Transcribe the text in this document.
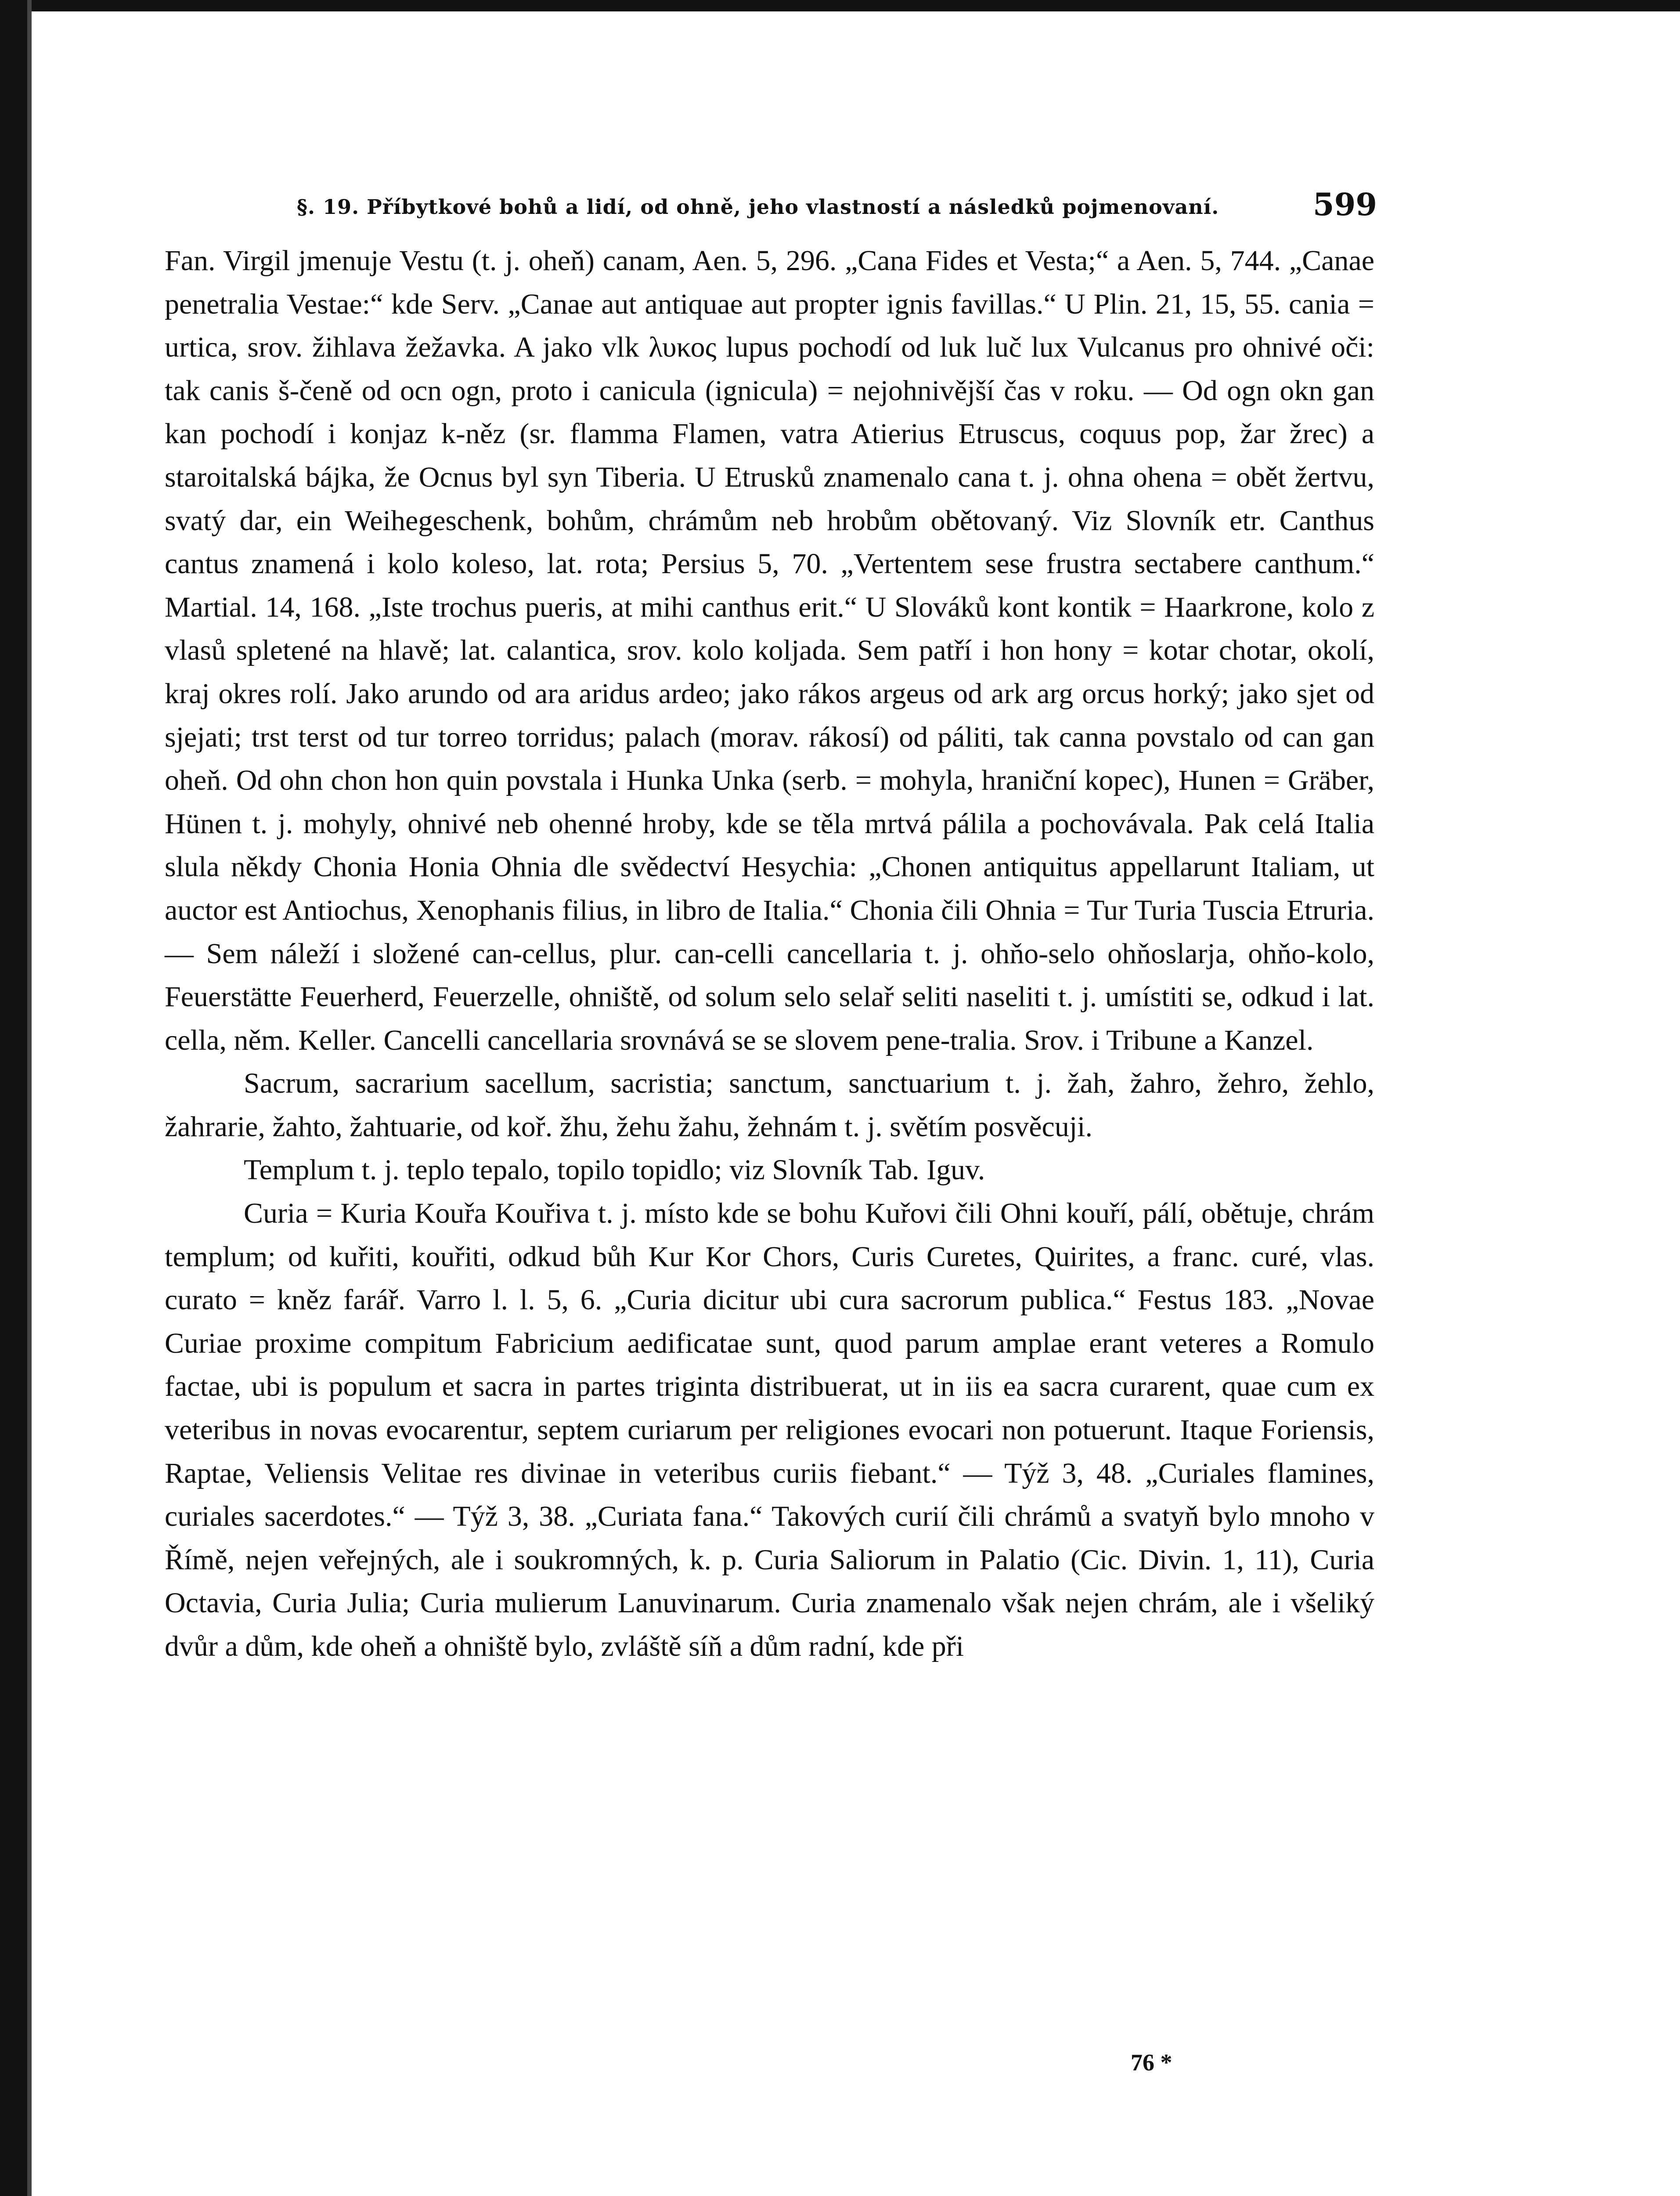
§. 19. Příbytkové bohů a lidí, od ohně, jeho vlastností a následků pojmenovaní.	599

Fan. Virgil jmenuje Vestu (t. j. oheň) canam, Aen. 5, 296. „Cana Fides et Vesta;“ a Aen. 5, 744. „Canae penetralia Vestae:“ kde Serv. „Canae aut antiquae aut propter ignis favillas.“ U Plin. 21, 15, 55. cania = urtica, srov. žihlava žežavka. A jako vlk λυκος lupus pochodí od luk luč lux Vulcanus pro ohnivé oči: tak canis š-čeně od ocn ogn, proto i canicula (ignicula) = nejohnivější čas v roku. — Od ogn okn gan kan pochodí i konjaz k-něz (sr. flamma Flamen, vatra Atierius Etruscus, coquus pop, žar žrec) a staroitalská bájka, že Ocnus byl syn Tiberia. U Etrusků znamenalo cana t. j. ohna ohena = obět žertvu, svatý dar, ein Weihegeschenk, bohům, chrámům neb hrobům obětovaný. Viz Slovník etr. Canthus cantus znamená i kolo koleso, lat. rota; Persius 5, 70. „Vertentem sese frustra sectabere canthum.“ Martial. 14, 168. „Iste trochus pueris, at mihi canthus erit.“ U Slováků kont kontik = Haarkrone, kolo z vlasů spletené na hlavě; lat. calantica, srov. kolo koljada. Sem patří i hon hony = kotar chotar, okolí, kraj okres rolí. Jako arundo od ara aridus ardeo; jako rákos argeus od ark arg orcus horký; jako sjet od sjejati; trst terst od tur torreo torridus; palach (morav. rákosí) od páliti, tak canna povstalo od can gan oheň. Od ohn chon hon quin povstala i Hunka Unka (serb. = mohyla, hraniční kopec), Hunen = Gräber, Hünen t. j. mohyly, ohnivé neb ohenné hroby, kde se těla mrtvá pálila a pochovávala. Pak celá Italia slula někdy Chonia Honia Ohnia dle svědectví Hesychia: „Chonen antiquitus appellarunt Italiam, ut auctor est Antiochus, Xenophanis filius, in libro de Italia.“ Chonia čili Ohnia = Tur Turia Tuscia Etruria. — Sem náleží i složené can-cellus, plur. can-celli cancellaria t. j. ohňo-selo ohňoslarja, ohňo-kolo, Feuerstätte Feuerherd, Feuerzelle, ohniště, od solum selo selař seliti naseliti t. j. umístiti se, odkud i lat. cella, něm. Keller. Cancelli cancellaria srovnává se se slovem pene-tralia. Srov. i Tribune a Kanzel.

Sacrum, sacrarium sacellum, sacristia; sanctum, sanctuarium t. j. žah, žahro, žehro, žehlo, žahrarie, žahto, žahtuarie, od koř. žhu, žehu žahu, žehnám t. j. světím posvěcuji.

Templum t. j. teplo tepalo, topilo topidlo; viz Slovník Tab. Iguv.

Curia = Kuria Kouřa Kouřiva t. j. místo kde se bohu Kuřovi čili Ohni kouří, pálí, obětuje, chrám templum; od kuřiti, kouřiti, odkud bůh Kur Kor Chors, Curis Curetes, Quirites, a franc. curé, vlas. curato = kněz farář. Varro l. l. 5, 6. „Curia dicitur ubi cura sacrorum publica.“ Festus 183. „Novae Curiae proxime compitum Fabricium aedificatae sunt, quod parum amplae erant veteres a Romulo factae, ubi is populum et sacra in partes triginta distribuerat, ut in iis ea sacra curarent, quae cum ex veteribus in novas evocarentur, septem curiarum per religiones evocari non potuerunt. Itaque Foriensis, Raptae, Veliensis Velitae res divinae in veteribus curiis fiebant.“ — Týž 3, 48. „Curiales flamines, curiales sacerdotes.“ — Týž 3, 38. „Curiata fana.“ Takových curií čili chrámů a svatyň bylo mnoho v Římě, nejen veřejných, ale i soukromných, k. p. Curia Saliorum in Palatio (Cic. Divin. 1, 11), Curia Octavia, Curia Julia; Curia mulierum Lanuvinarum. Curia znamenalo však nejen chrám, ale i všeliký dvůr a dům, kde oheň a ohniště bylo, zvláště síň a dům radní, kde při

76 *
